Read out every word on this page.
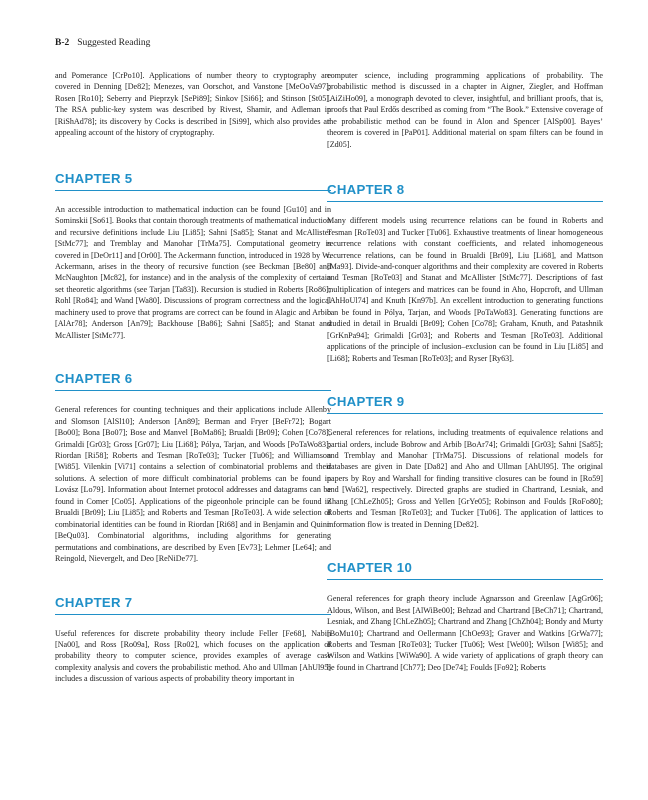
B-2 Suggested Reading

and Pomerance [CrPo10]. Applications of number theory to cryptography are covered in Denning [De82]; Menezes, van Oorschot, and Vanstone [MeOoVa97]; Rosen [Ro10]; Seberry and Pieprzyk [SePi89]; Sinkov [Si66]; and Stinson [St05]. The RSA public-key system was described by Rivest, Shamir, and Adleman in [RiShAd78]; its discovery by Cocks is described in [Si99], which also provides an appealing account of the history of cryptography.

CHAPTER 5

An accessible introduction to mathematical induction can be found [Gu10] and in Sominskii [So61]. Books that contain thorough treatments of mathematical induction and recursive definitions include Liu [Li85]; Sahni [Sa85]; Stanat and McAllister [StMc77]; and Tremblay and Manohar [TrMa75]. Computational geometry is covered in [DeOr11] and [Or00]. The Ackermann function, introduced in 1928 by W. Ackermann, arises in the theory of recursive function (see Beckman [Be80] and McNaughton [Mc82], for instance) and in the analysis of the complexity of certain set theoretic algorithms (see Tarjan [Ta83]). Recursion is studied in Roberts [Ro86]; Rohl [Ro84]; and Wand [Wa80]. Discussions of program correctness and the logical machinery used to prove that programs are correct can be found in Alagic and Arbib [AlAr78]; Anderson [An79]; Backhouse [Ba86]; Sahni [Sa85]; and Stanat and McAllister [StMc77].

CHAPTER 6

General references for counting techniques and their applications include Allenby and Slomson [AlSl10]; Anderson [An89]; Berman and Fryer [BeFr72]; Bogart [Bo00]; Bona [Bo07]; Bose and Manvel [BoMa86]; Brualdi [Br09]; Cohen [Co78]; Grimaldi [Gr03]; Gross [Gr07]; Liu [Li68]; Pólya, Tarjan, and Woods [PoTaWo83]; Riordan [Ri58]; Roberts and Tesman [RoTe03]; Tucker [Tu06]; and Williamson [Wi85]. Vilenkin [Vi71] contains a selection of combinatorial problems and their solutions. A selection of more difficult combinatorial problems can be found in Lovász [Lo79]. Information about Internet protocol addresses and datagrams can be found in Comer [Co05]. Applications of the pigeonhole principle can be found in Brualdi [Br09]; Liu [Li85]; and Roberts and Tesman [RoTe03]. A wide selection of combinatorial identities can be found in Riordan [Ri68] and in Benjamin and Quinn [BeQu03]. Combinatorial algorithms, including algorithms for generating permutations and combinations, are described by Even [Ev73]; Lehmer [Le64]; and Reingold, Nievergelt, and Deo [ReNiDe77].

CHAPTER 7

Useful references for discrete probability theory include Feller [Fe68], Nabin [Na00], and Ross [Ro09a], Ross [Ro02], which focuses on the application of probability theory to computer science, provides examples of average case complexity analysis and covers the probabilistic method. Aho and Ullman [AhUl95] includes a discussion of various aspects of probability theory important in

computer science, including programming applications of probability. The probabilistic method is discussed in a chapter in Aigner, Ziegler, and Hoffman [AiZiHo09], a monograph devoted to clever, insightful, and brilliant proofs, that is, proofs that Paul Erdős described as coming from “The Book.” Extensive coverage of the probabilistic method can be found in Alon and Spencer [AlSp00]. Bayes’ theorem is covered in [PaP01]. Additional material on spam filters can be found in [Zd05].

CHAPTER 8

Many different models using recurrence relations can be found in Roberts and Tesman [RoTe03] and Tucker [Tu06]. Exhaustive treatments of linear homogeneous recurrence relations with constant coefficients, and related inhomogeneous recurrence relations, can be found in Brualdi [Br09], Liu [Li68], and Mattson [Ma93]. Divide-and-conquer algorithms and their complexity are covered in Roberts and Tesman [RoTe03] and Stanat and McAllister [StMc77]. Descriptions of fast multiplication of integers and matrices can be found in Aho, Hopcroft, and Ullman [AhHoUl74] and Knuth [Kn97b]. An excellent introduction to generating functions can be found in Pólya, Tarjan, and Woods [PoTaWo83]. Generating functions are studied in detail in Brualdi [Br09]; Cohen [Co78]; Graham, Knuth, and Patashnik [GrKnPa94]; Grimaldi [Gr03]; and Roberts and Tesman [RoTe03]. Additional applications of the principle of inclusion–exclusion can be found in Liu [Li85] and [Li68]; Roberts and Tesman [RoTe03]; and Ryser [Ry63].

CHAPTER 9

General references for relations, including treatments of equivalence relations and partial orders, include Bobrow and Arbib [BoAr74]; Grimaldi [Gr03]; Sahni [Sa85]; and Tremblay and Manohar [TrMa75]. Discussions of relational models for databases are given in Date [Da82] and Aho and Ullman [AhUl95]. The original papers by Roy and Warshall for finding transitive closures can be found in [Ro59] and [Wa62], respectively. Directed graphs are studied in Chartrand, Lesniak, and Zhang [ChLeZh05]; Gross and Yellen [GrYe05]; Robinson and Foulds [RoFo80]; Roberts and Tesman [RoTe03]; and Tucker [Tu06]. The application of lattices to information flow is treated in Denning [De82].

CHAPTER 10

General references for graph theory include Agnarsson and Greenlaw [AgGr06]; Aldous, Wilson, and Best [AlWiBe00]; Behzad and Chartrand [BeCh71]; Chartrand, Lesniak, and Zhang [ChLeZh05]; Chartrand and Zhang [ChZh04]; Bondy and Murty [BoMu10]; Chartrand and Oellermann [ChOe93]; Graver and Watkins [GrWa77]; Roberts and Tesman [RoTe03]; Tucker [Tu06]; West [We00]; Wilson [Wi85]; and Wilson and Watkins [WiWa90]. A wide variety of applications of graph theory can be found in Chartrand [Ch77]; Deo [De74]; Foulds [Fo92]; Roberts
